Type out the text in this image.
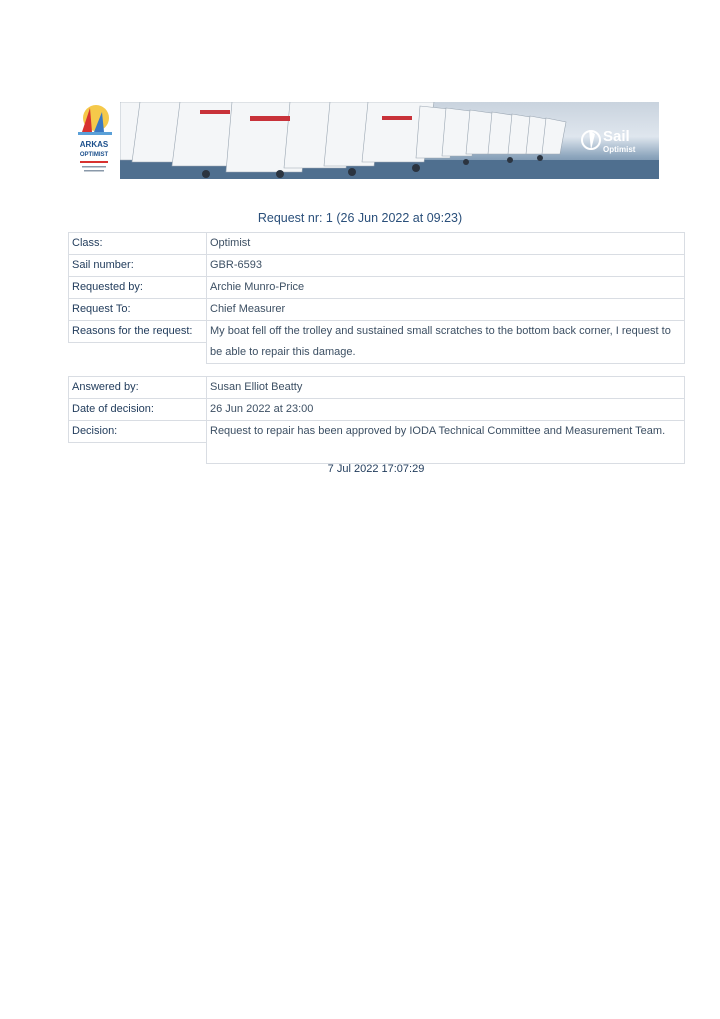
ARKAS
OPTIMIST
Sail
Optimist
Request nr: 1 (26 Jun 2022 at 09:23)
Class:	Optimist
Sail number:	GBR-6593
Requested by:	Archie Munro-Price
Request To:	Chief Measurer
Reasons for the request:	My boat fell off the trolley and sustained small scratches to the bottom back corner, I request to be able to repair this damage.

Answered by:	Susan Elliot Beatty
Date of decision:	26 Jun 2022 at 23:00
Decision:	Request to repair has been approved by IODA Technical Committee and Measurement Team.

7 Jul 2022 17:07:29
